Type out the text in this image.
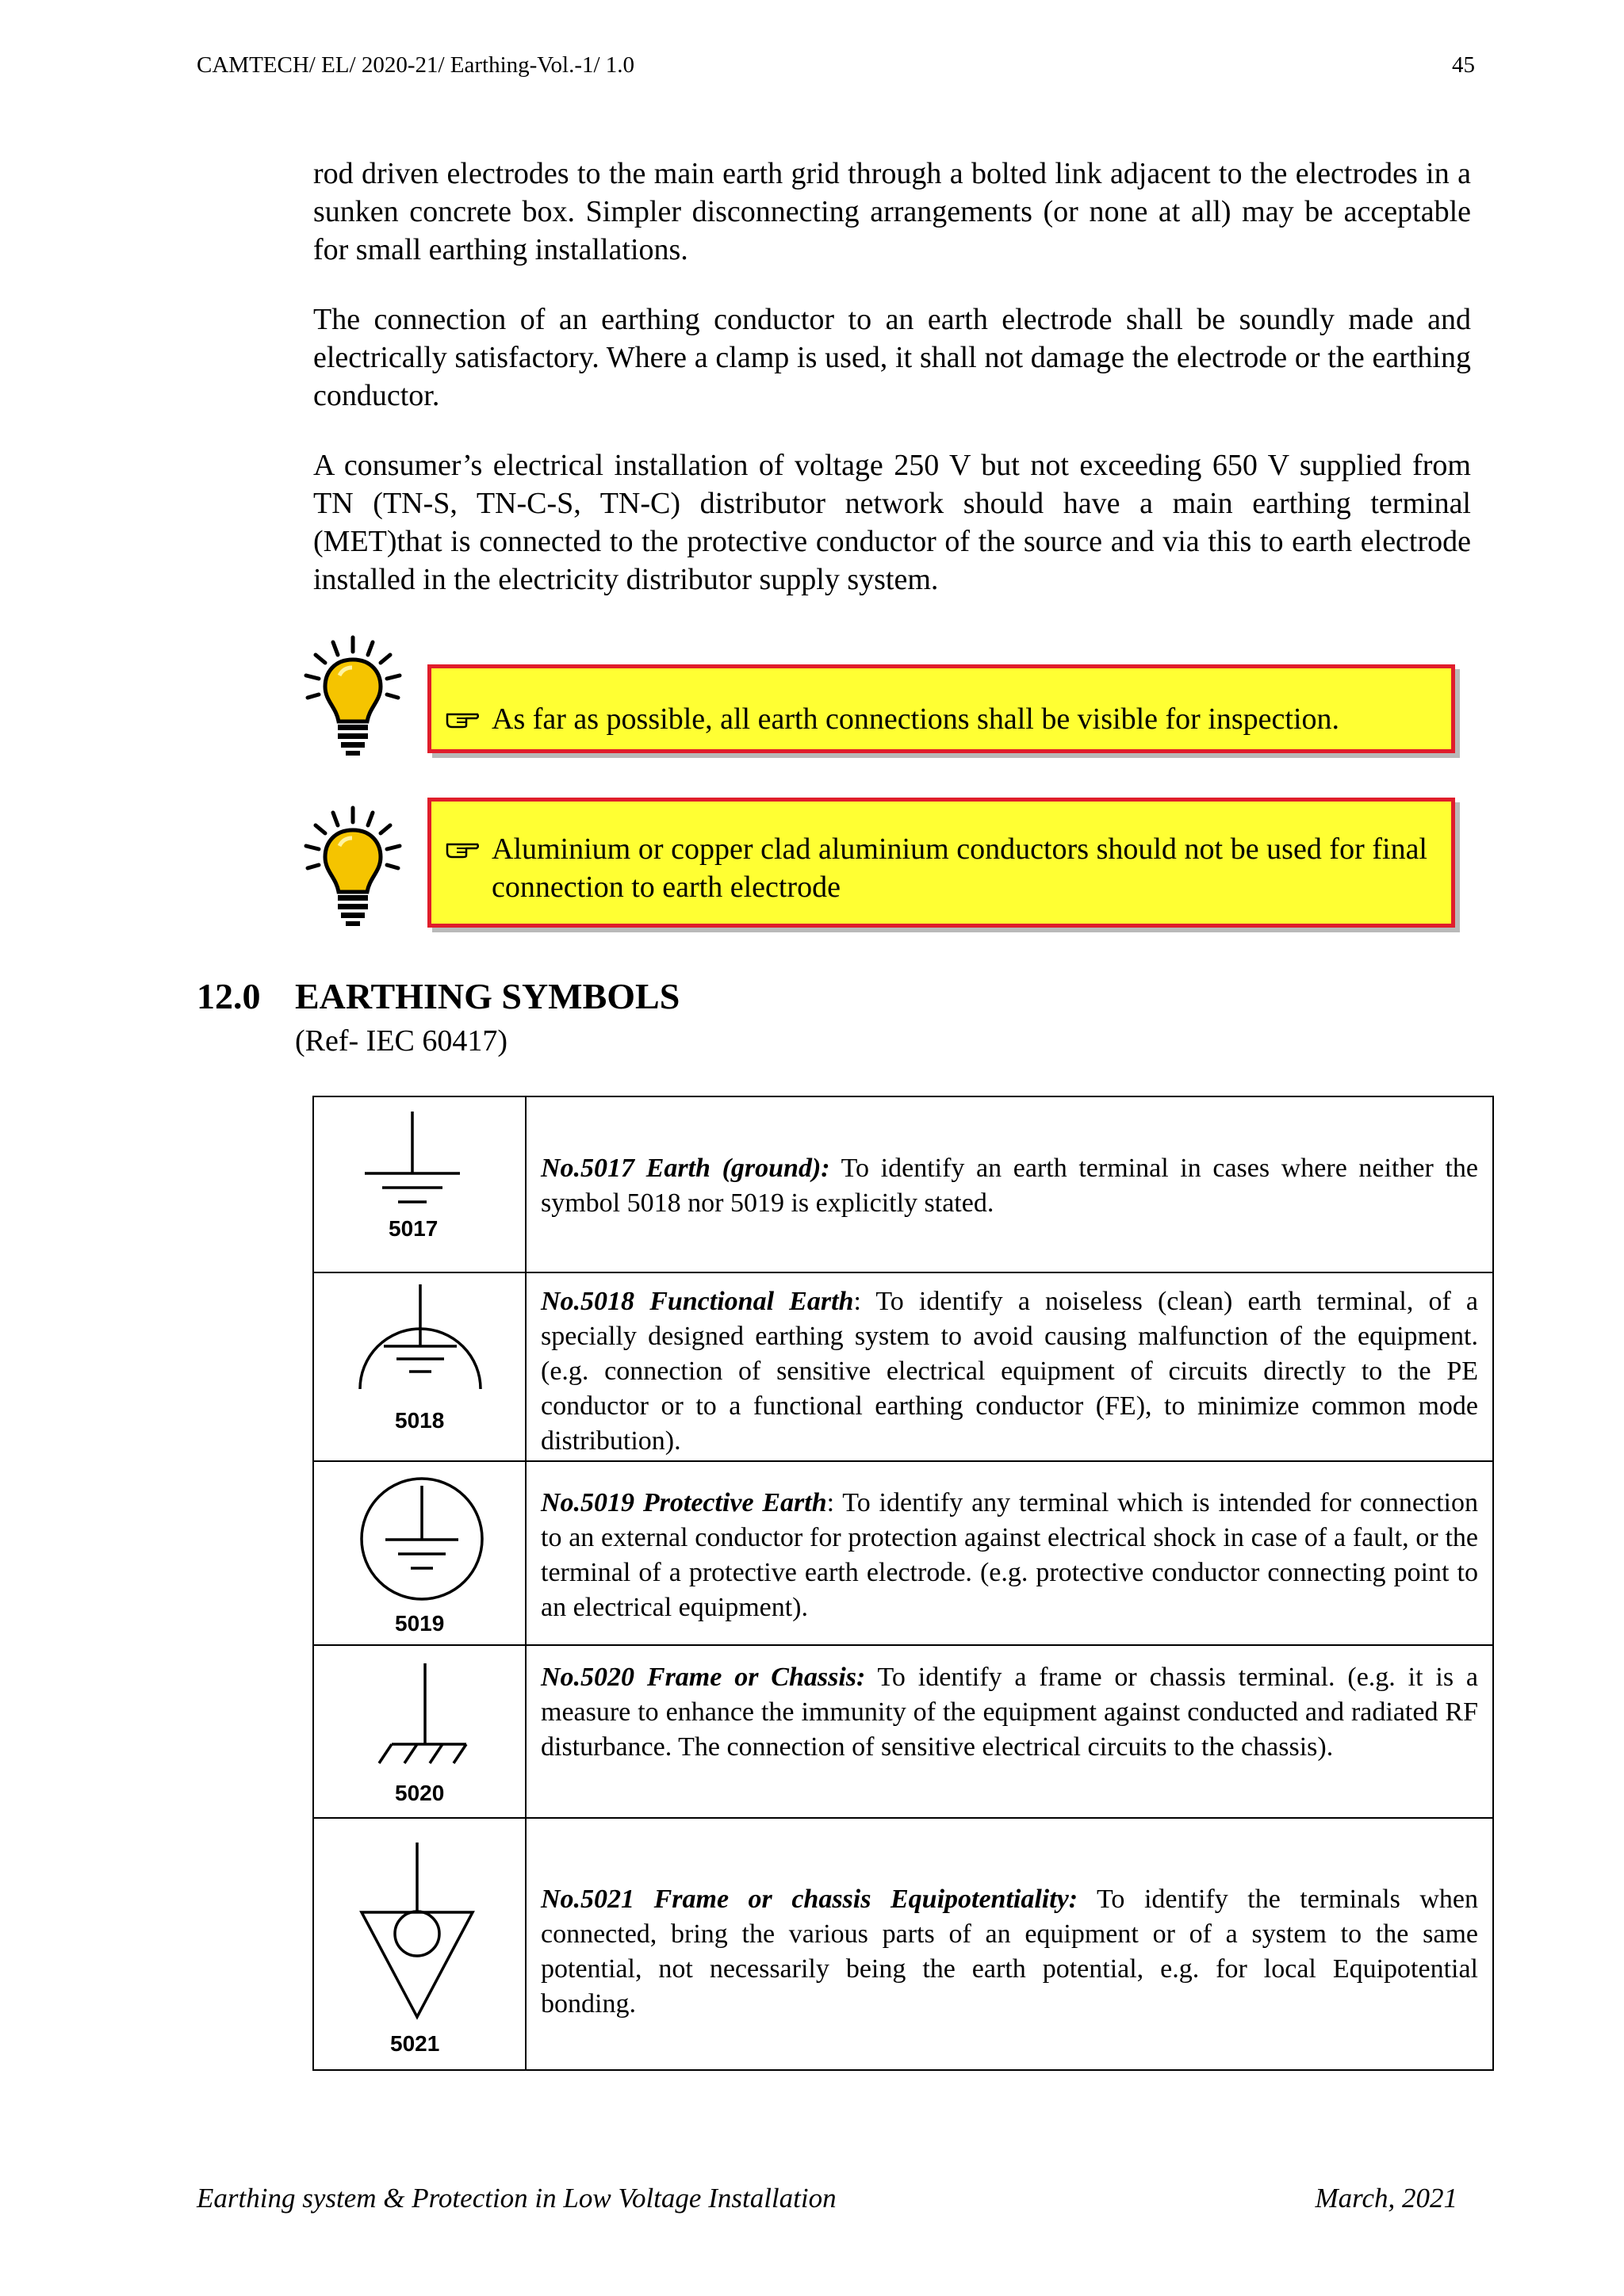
CAMTECH/ EL/ 2020-21/ Earthing-Vol.-1/ 1.0	45
rod driven electrodes to the main earth grid through a bolted link adjacent to the electrodes in a sunken concrete box. Simpler disconnecting arrangements (or none at all) may be acceptable for small earthing installations.
The connection of an earthing conductor to an earth electrode shall be soundly made and electrically satisfactory. Where a clamp is used, it shall not damage the electrode or the earthing conductor.
A consumer’s electrical installation of voltage 250 V but not exceeding 650 V supplied from TN (TN-S, TN-C-S, TN-C) distributor network should have a main earthing terminal (MET)that is connected to the protective conductor of the source and via this to earth electrode installed in the electricity distributor supply system.
As far as possible, all earth connections shall be visible for inspection.
Aluminium or copper clad aluminium conductors should not be used for final connection to earth electrode
12.0 EARTHING SYMBOLS
(Ref- IEC 60417)
5017	No.5017 Earth (ground): To identify an earth terminal in cases where neither the symbol 5018 nor 5019 is explicitly stated.

5018	No.5018 Functional Earth: To identify a noiseless (clean) earth terminal, of a specially designed earthing system to avoid causing malfunction of the equipment. (e.g. connection of sensitive electrical equipment of circuits directly to the PE conductor or to a functional earthing conductor (FE), to minimize common mode distribution).

5019	No.5019 Protective Earth: To identify any terminal which is intended for connection to an external conductor for protection against electrical shock in case of a fault, or the terminal of a protective earth electrode. (e.g. protective conductor connecting point to an electrical equipment).

5020	No.5020 Frame or Chassis: To identify a frame or chassis terminal. (e.g. it is a measure to enhance the immunity of the equipment against conducted and radiated RF disturbance. The connection of sensitive electrical circuits to the chassis).

5021	No.5021 Frame or chassis Equipotentiality: To identify the terminals when connected, bring the various parts of an equipment or of a system to the same potential, not necessarily being the earth potential, e.g. for local Equipotential bonding.
Earthing system & Protection in Low Voltage Installation	March, 2021
